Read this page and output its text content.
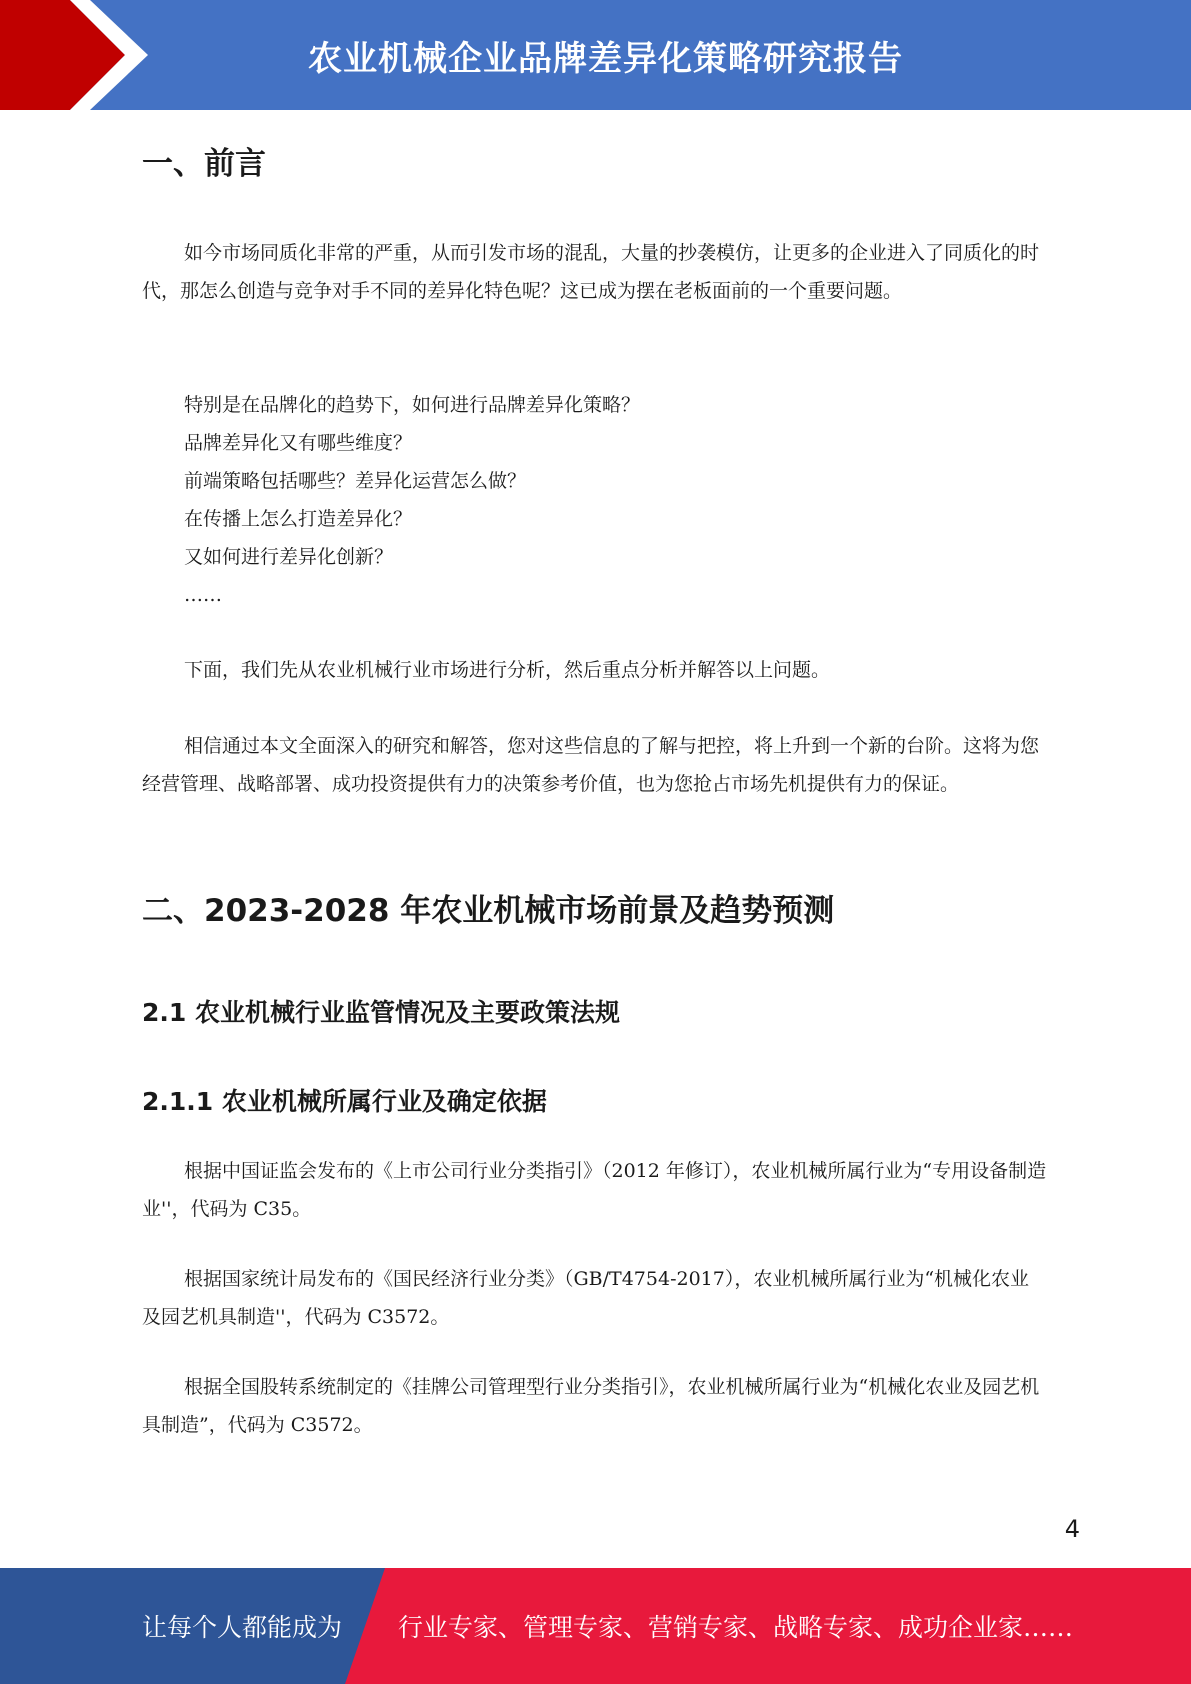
农业机械企业品牌差异化策略研究报告
一、前言

如今市场同质化非常的严重，从而引发市场的混乱，大量的抄袭模仿，让更多的企业进入了同质化的时代，那怎么创造与竞争对手不同的差异化特色呢？这已成为摆在老板面前的一个重要问题。

特别是在品牌化的趋势下，如何进行品牌差异化策略？
品牌差异化又有哪些维度？
前端策略包括哪些？差异化运营怎么做？
在传播上怎么打造差异化？
又如何进行差异化创新？
……

下面，我们先从农业机械行业市场进行分析，然后重点分析并解答以上问题。

相信通过本文全面深入的研究和解答，您对这些信息的了解与把控，将上升到一个新的台阶。这将为您经营管理、战略部署、成功投资提供有力的决策参考价值，也为您抢占市场先机提供有力的保证。

二、2023-2028 年农业机械市场前景及趋势预测
2.1 农业机械行业监管情况及主要政策法规
2.1.1 农业机械所属行业及确定依据

根据中国证监会发布的《上市公司行业分类指引》（2012 年修订），农业机械所属行业为“专用设备制造业''，代码为 C35。

根据国家统计局发布的《国民经济行业分类》（GB/T4754-2017），农业机械所属行业为“机械化农业及园艺机具制造''，代码为 C3572。

根据全国股转系统制定的《挂牌公司管理型行业分类指引》，农业机械所属行业为“机械化农业及园艺机具制造”，代码为 C3572。

4
让每个人都能成为 行业专家、管理专家、营销专家、战略专家、成功企业家……
